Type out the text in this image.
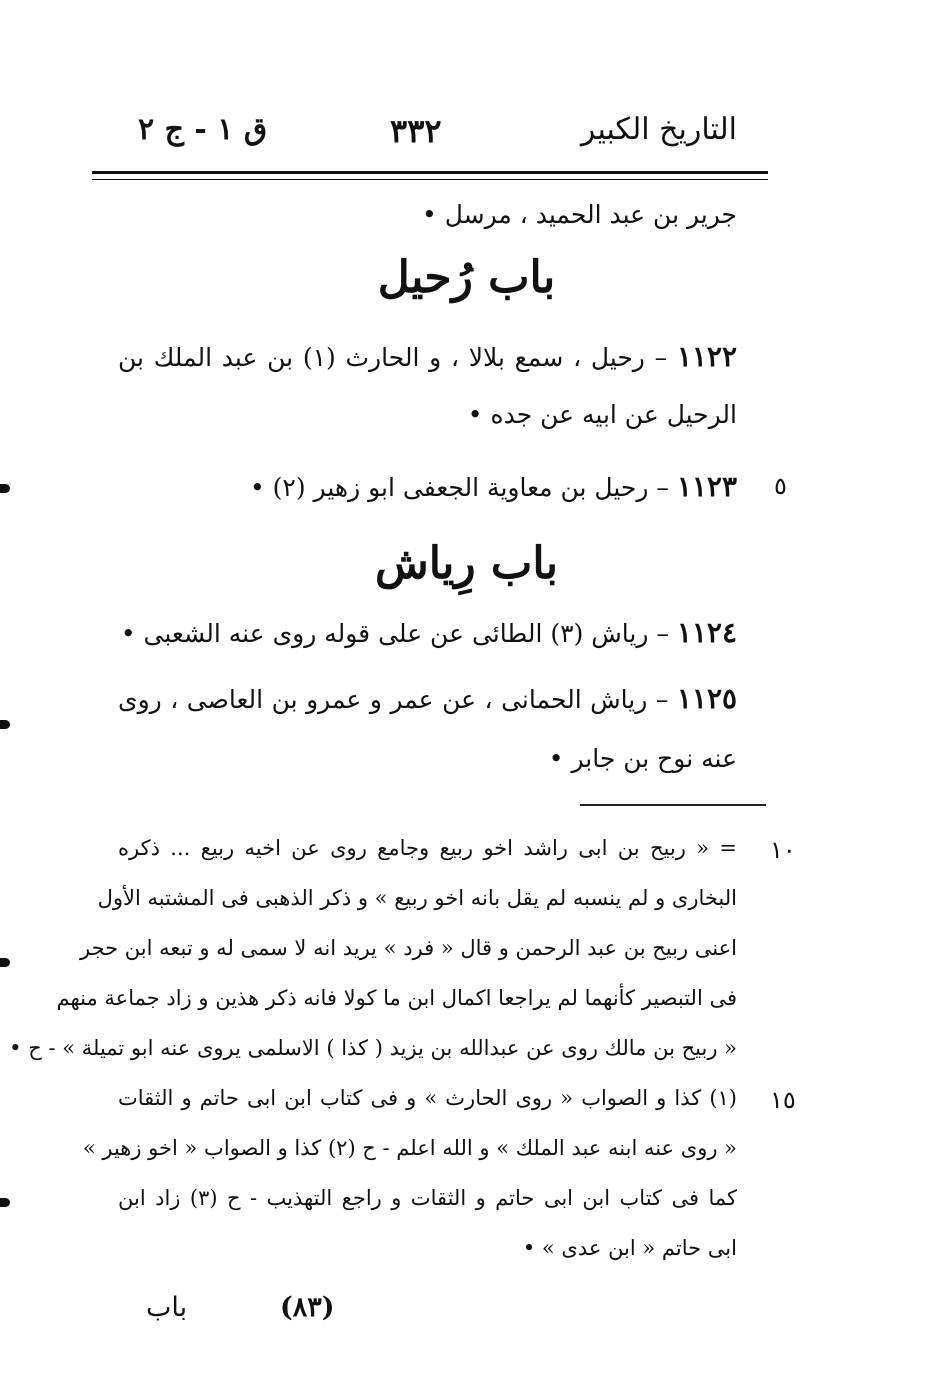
التاريخ الكبير
٣٣٢
ق ١ - ج ٢
جرير بن عبد الحميد ، مرسل •
باب رُحيل
١١٢٢ – رحيل ، سمع بلالا ، و الحارث (١) بن عبد الملك بن
الرحيل عن ابيه عن جده •
٥
١١٢٣ – رحيل بن معاوية الجعفى ابو زهير (٢) •
باب رِياش
١١٢٤ – رياش (٣) الطائى عن على قوله روى عنه الشعبى •
١١٢٥ – رياش الحمانى ، عن عمر و عمرو بن العاصى ، روى
عنه نوح بن جابر •
١٠
= « ربيح بن ابى راشد اخو ربيع وجامع روى عن اخيه ربيع ... ذكره
البخارى و لم ينسبه لم يقل بانه اخو ربيع » و ذكر الذهبى فى المشتبه الأول
اعنى ربيح بن عبد الرحمن و قال « فرد » يريد انه لا سمى له و تبعه ابن حجر
فى التبصير كأنهما لم يراجعا اكمال ابن ما كولا فانه ذكر هذين و زاد جماعة منهم
« ربيح بن مالك روى عن عبدالله بن يزيد ( كذا ) الاسلمى يروى عنه ابو تميلة » - ح •
١٥
(١) كذا و الصواب « روى الحارث » و فى كتاب ابن ابى حاتم و الثقات
« روى عنه ابنه عبد الملك » و الله اعلم - ح (٢) كذا و الصواب « اخو زهير »
كما فى كتاب ابن ابى حاتم و الثقات و راجع التهذيب - ح (٣) زاد ابن
ابى حاتم « ابن عدى » •
(٨٣)
باب
